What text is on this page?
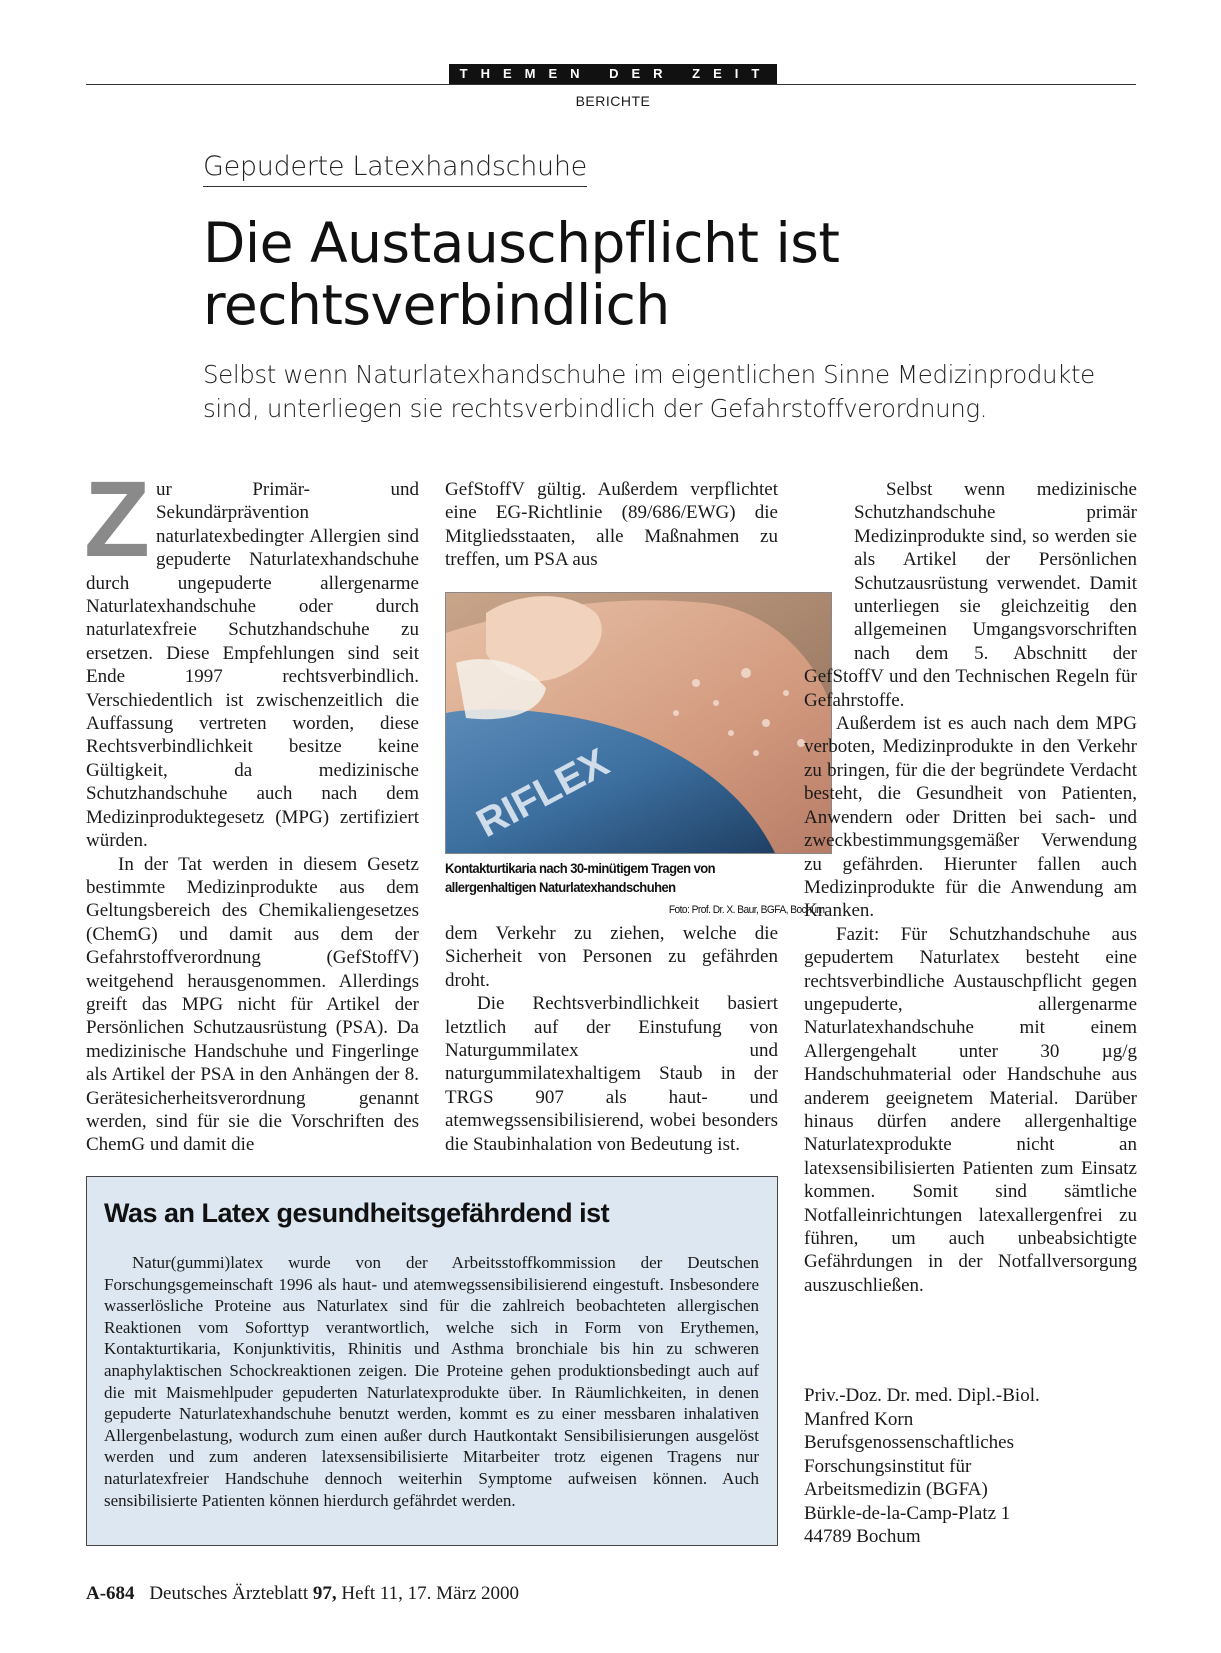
THEMEN DER ZEIT
BERICHTE
Gepuderte Latexhandschuhe
Die Austauschpflicht ist rechtsverbindlich
Selbst wenn Naturlatexhandschuhe im eigentlichen Sinne Medizinprodukte sind, unterliegen sie rechtsverbindlich der Gefahrstoffverordnung.

Zur Primär- und Sekundärprävention naturlatexbedingter Allergien sind gepuderte Naturlatexhandschuhe durch ungepuderte allergenarme Naturlatexhandschuhe oder durch naturlatexfreie Schutzhandschuhe zu ersetzen. Diese Empfehlungen sind seit Ende 1997 rechtsverbindlich. Verschiedentlich ist zwischenzeitlich die Auffassung vertreten worden, diese Rechtsverbindlichkeit besitze keine Gültigkeit, da medizinische Schutzhandschuhe auch nach dem Medizinproduktegesetz (MPG) zertifiziert würden.

In der Tat werden in diesem Gesetz bestimmte Medizinprodukte aus dem Geltungsbereich des Chemikaliengesetzes (ChemG) und damit aus dem der Gefahrstoffverordnung (GefStoffV) weitgehend herausgenommen. Allerdings greift das MPG nicht für Artikel der Persönlichen Schutzausrüstung (PSA). Da medizinische Handschuhe und Fingerlinge als Artikel der PSA in den Anhängen der 8. Gerätesicherheitsverordnung genannt werden, sind für sie die Vorschriften des ChemG und damit die

GefStoffV gültig. Außerdem verpflichtet eine EG-Richtlinie (89/686/EWG) die Mitgliedsstaaten, alle Maßnahmen zu treffen, um PSA aus

RIFLEX
Kontakturtikaria nach 30-minütigem Tragen von allergenhaltigen Naturlatexhandschuhen
Foto: Prof. Dr. X. Baur, BGFA, Bochum

dem Verkehr zu ziehen, welche die Sicherheit von Personen zu gefährden droht.

Die Rechtsverbindlichkeit basiert letztlich auf der Einstufung von Naturgummilatex und naturgummilatexhaltigem Staub in der TRGS 907 als haut- und atemwegssensibilisierend, wobei besonders die Staubinhalation von Bedeutung ist.

Selbst wenn medizinische Schutzhandschuhe primär Medizinprodukte sind, so werden sie als Artikel der Persönlichen Schutzausrüstung verwendet. Damit unterliegen sie gleichzeitig den allgemeinen Umgangsvorschriften nach dem 5. Abschnitt der GefStoffV und den Technischen Regeln für Gefahrstoffe.

Außerdem ist es auch nach dem MPG verboten, Medizinprodukte in den Verkehr zu bringen, für die der begründete Verdacht besteht, die Gesundheit von Patienten, Anwendern oder Dritten bei sach- und zweckbestimmungsgemäßer Verwendung zu gefährden. Hierunter fallen auch Medizinprodukte für die Anwendung am Kranken.

Fazit: Für Schutzhandschuhe aus gepudertem Naturlatex besteht eine rechtsverbindliche Austauschpflicht gegen ungepuderte, allergenarme Naturlatexhandschuhe mit einem Allergengehalt unter 30 µg/g Handschuhmaterial oder Handschuhe aus anderem geeignetem Material. Darüber hinaus dürfen andere allergenhaltige Naturlatexprodukte nicht an latexsensibilisierten Patienten zum Einsatz kommen. Somit sind sämtliche Notfalleinrichtungen latexallergenfrei zu führen, um auch unbeabsichtigte Gefährdungen in der Notfallversorgung auszuschließen.

Was an Latex gesundheitsgefährdend ist

Natur(gummi)latex wurde von der Arbeitsstoffkommission der Deutschen Forschungsgemeinschaft 1996 als haut- und atemwegssensibilisierend eingestuft. Insbesondere wasserlösliche Proteine aus Naturlatex sind für die zahlreich beobachteten allergischen Reaktionen vom Soforttyp verantwortlich, welche sich in Form von Erythemen, Kontakturtikaria, Konjunktivitis, Rhinitis und Asthma bronchiale bis hin zu schweren anaphylaktischen Schockreaktionen zeigen. Die Proteine gehen produktionsbedingt auch auf die mit Maismehlpuder gepuderten Naturlatexprodukte über. In Räumlichkeiten, in denen gepuderte Naturlatexhandschuhe benutzt werden, kommt es zu einer messbaren inhalativen Allergenbelastung, wodurch zum einen außer durch Hautkontakt Sensibilisierungen ausgelöst werden und zum anderen latexsensibilisierte Mitarbeiter trotz eigenen Tragens nur naturlatexfreier Handschuhe dennoch weiterhin Symptome aufweisen können. Auch sensibilisierte Patienten können hierdurch gefährdet werden.

Priv.-Doz. Dr. med. Dipl.-Biol.
Manfred Korn
Berufsgenossenschaftliches
Forschungsinstitut für
Arbeitsmedizin (BGFA)
Bürkle-de-la-Camp-Platz 1
44789 Bochum
A-684 Deutsches Ärzteblatt 97, Heft 11, 17. März 2000
